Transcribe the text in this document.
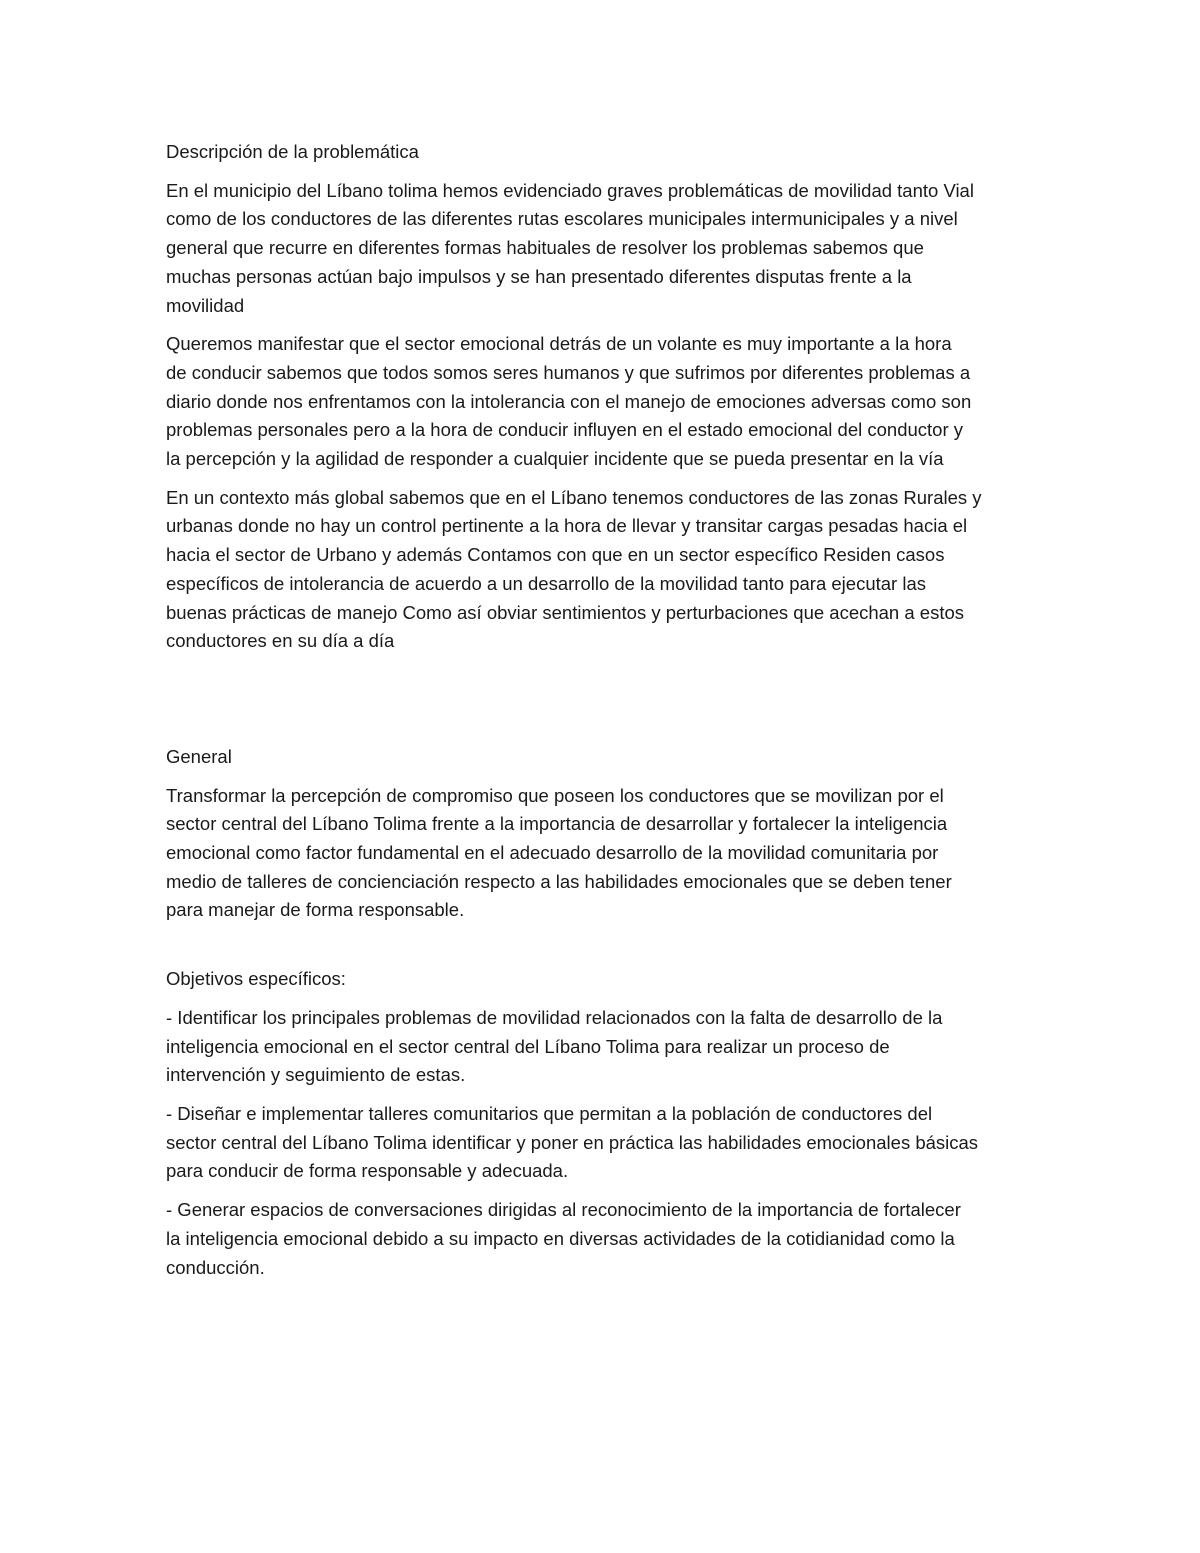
Descripción de la problemática

En el municipio del Líbano tolima hemos evidenciado graves problemáticas de movilidad tanto Vial
como de los conductores de las diferentes rutas escolares municipales intermunicipales y a nivel
general que recurre en diferentes formas habituales de resolver los problemas sabemos que
muchas personas actúan bajo impulsos y se han presentado diferentes disputas frente a la
movilidad

Queremos manifestar que el sector emocional detrás de un volante es muy importante a la hora
de conducir sabemos que todos somos seres humanos y que sufrimos por diferentes problemas a
diario donde nos enfrentamos con la intolerancia con el manejo de emociones adversas como son
problemas personales pero a la hora de conducir influyen en el estado emocional del conductor y
la percepción y la agilidad de responder a cualquier incidente que se pueda presentar en la vía

En un contexto más global sabemos que en el Líbano tenemos conductores de las zonas Rurales y
urbanas donde no hay un control pertinente a la hora de llevar y transitar cargas pesadas hacia el
hacia el sector de Urbano y además Contamos con que en un sector específico Residen casos
específicos de intolerancia de acuerdo a un desarrollo de la movilidad tanto para ejecutar las
buenas prácticas de manejo Como así obviar sentimientos y perturbaciones que acechan a estos
conductores en su día a día

General

Transformar la percepción de compromiso que poseen los conductores que se movilizan por el
sector central del Líbano Tolima frente a la importancia de desarrollar y fortalecer la inteligencia
emocional como factor fundamental en el adecuado desarrollo de la movilidad comunitaria por
medio de talleres de concienciación respecto a las habilidades emocionales que se deben tener
para manejar de forma responsable.

Objetivos específicos:

- Identificar los principales problemas de movilidad relacionados con la falta de desarrollo de la
inteligencia emocional en el sector central del Líbano Tolima para realizar un proceso de
intervención y seguimiento de estas.

- Diseñar e implementar talleres comunitarios que permitan a la población de conductores del
sector central del Líbano Tolima identificar y poner en práctica las habilidades emocionales básicas
para conducir de forma responsable y adecuada.

- Generar espacios de conversaciones dirigidas al reconocimiento de la importancia de fortalecer
la inteligencia emocional debido a su impacto en diversas actividades de la cotidianidad como la
conducción.
